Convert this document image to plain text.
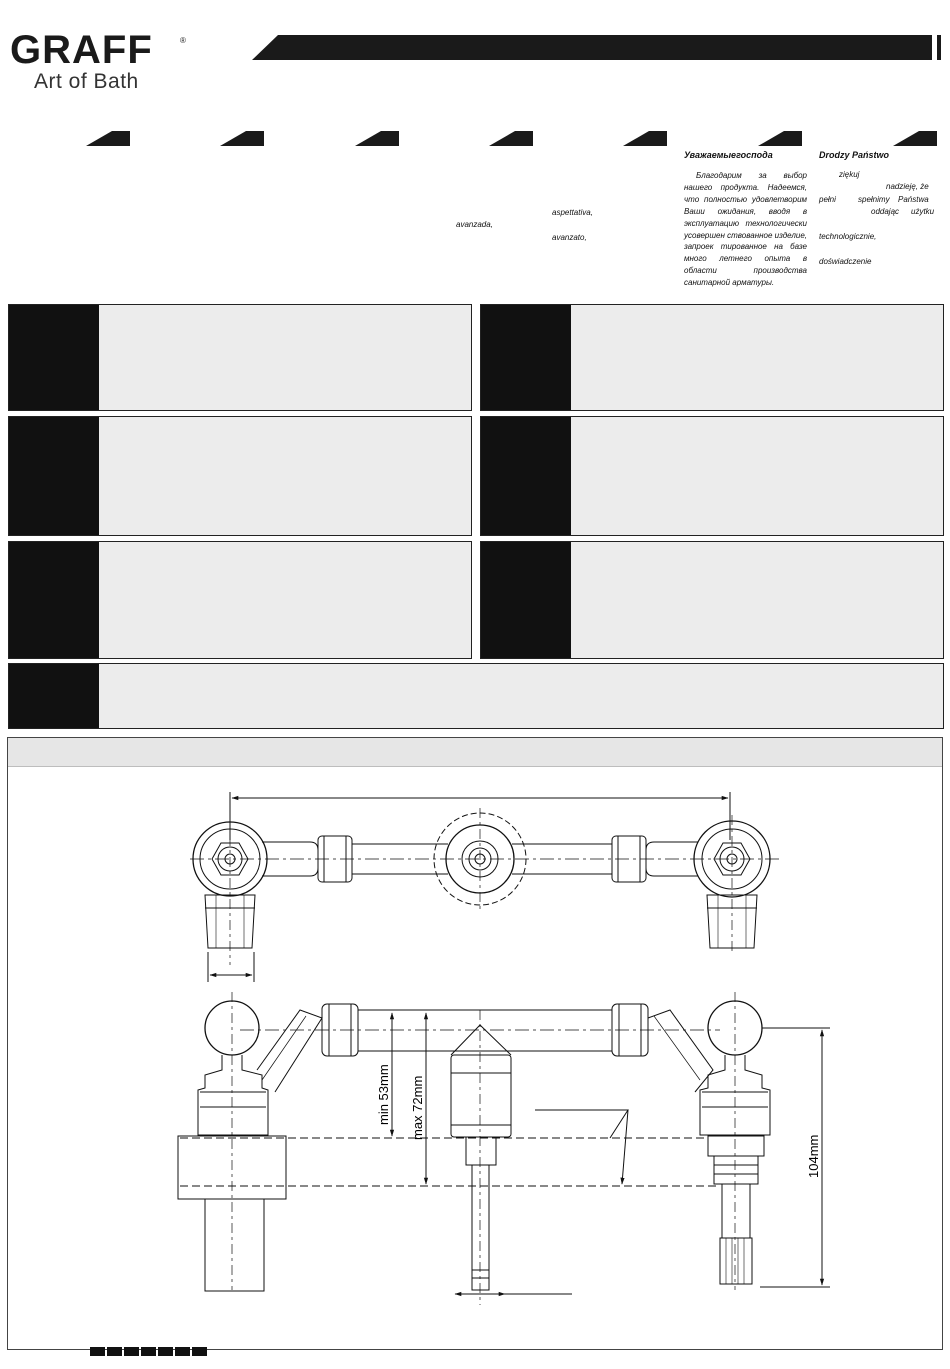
GRAFF	®
Art of Bath
aspettativa,
avanzada,
avanzato,
Уважаемыегоспода
Благодарим за выбор нашего продукта. Надеемся, что полностью удовлетворим Ваши ожидания, вводя в эксплуатацию технологически усовершен ствованное изделие, запроек тированное на базе много летнего опыта в области производства санитарной арматуры.
Drodzy Państwo
ziękuj
nadzieję, że
pełni	spełnimy Państwa
oddając użytku
technologicznie,
doświadczenie
min 53mm max 72mm
104mm
